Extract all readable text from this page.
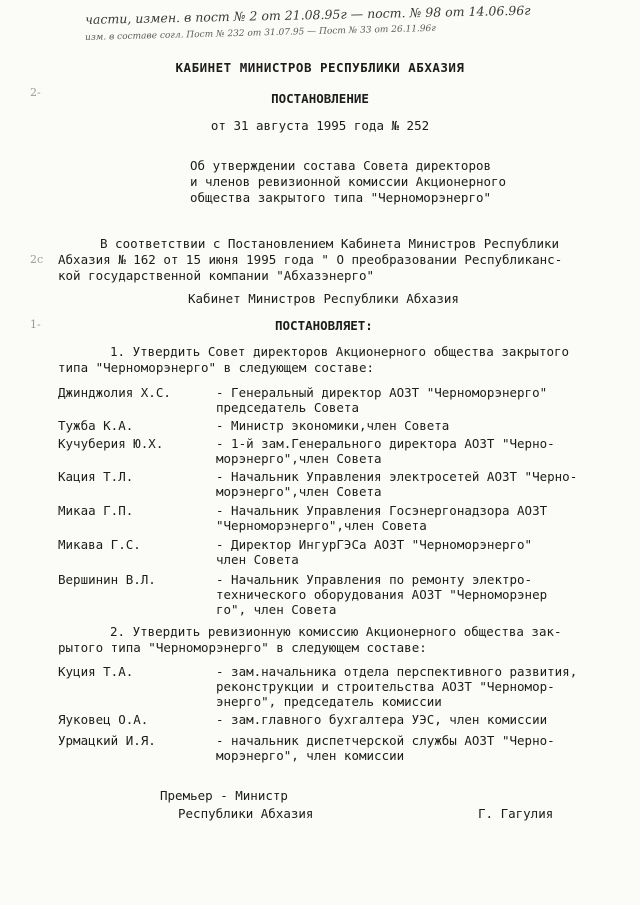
части, измен. в пост № 2 от 21.08.95г — пост. № 98 от 14.06.96г
изм. в составе согл. Пост № 232 от 31.07.95 — Пост № 33 от 26.11.96г
2-
2с
1-
КАБИНЕТ МИНИСТРОВ РЕСПУБЛИКИ АБХАЗИЯ
ПОСТАНОВЛЕНИЕ
от 31 августа 1995 года № 252
Об утверждении состава Совета директоров
и членов ревизионной комиссии Акционерного
общества закрытого типа "Черноморэнерго"
В соответствии с Постановлением Кабинета Министров Республики
Абхазия № 162 от 15 июня 1995 года " О преобразовании Республиканс-
кой государственной компании "Абхазэнерго"
Кабинет Министров Республики Абхазия
ПОСТАНОВЛЯЕТ:
1. Утвердить Совет директоров Акционерного общества закрытого
типа "Черноморэнерго" в следующем составе:
Джинджолия Х.С.	- Генеральный директор АОЗТ "Черноморэнерго"
председатель Совета
Тужба К.А.	- Министр экономики,член Совета
Кучуберия Ю.Х.	- 1-й зам.Генерального директора АОЗТ "Черно-
морэнерго",член Совета
Кация Т.Л.	- Начальник Управления электросетей АОЗТ "Черно-
морэнерго",член Совета
Микаа Г.П.	- Начальник Управления Госэнергонадзора АОЗТ
"Черноморэнерго",член Совета
Микава Г.С.	- Директор ИнгурГЭСа АОЗТ "Черноморэнерго"
член Совета
Вершинин В.Л.	- Начальник Управления по ремонту электро-
технического оборудования АОЗТ "Черноморэнер
го", член Совета
2. Утвердить ревизионную комиссию Акционерного общества зак-
рытого типа "Черноморэнерго" в следующем составе:
Куция Т.А.	- зам.начальника отдела перспективного развития,
реконструкции и строительства АОЗТ "Черномор-
энерго", председатель комиссии
Яуковец О.А.	- зам.главного бухгалтера УЭС, член комиссии
Урмацкий И.Я.	- начальник диспетчерской службы АОЗТ "Черно-
морэнерго", член комиссии
Премьер - Министр
Республики Абхазия	Г. Гагулия
